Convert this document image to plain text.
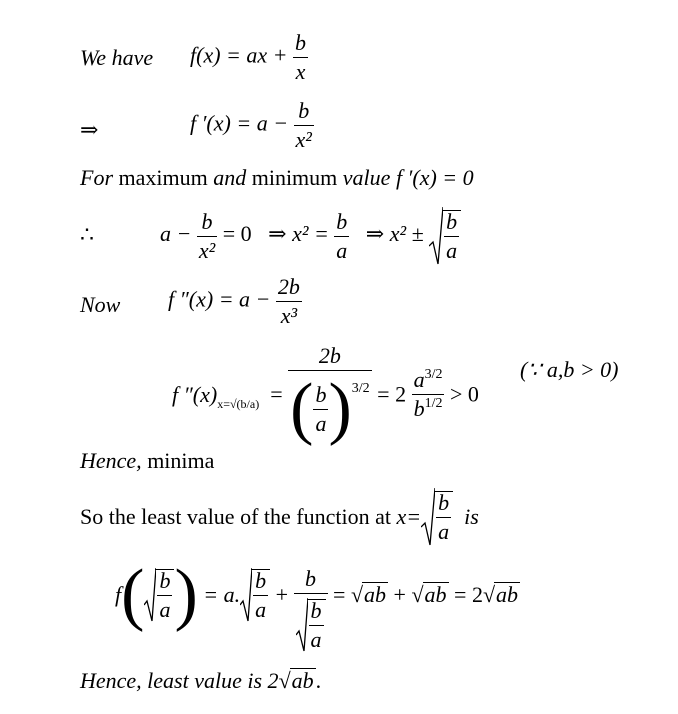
We have f(x) = ax + $\frac{b}{x}$
⇒	f $'(x) = a - \frac{b}{\text{x²}}$
For maximum and minimum value f ′(x) = 0
∴	$a - \frac{b}{\text{x²}} = 0$ ⇒ $x^2 = \frac{b}{a}$ ⇒ $x^2 \pm \frac{b}{a}$
Now f $''(x) = a - \frac{2b}{\text{x³}}$
f $''(x)_{x=√(b/a)} = \frac{2b}{( \frac{b}{a} )^{3/2}} = 2 \frac{a^{3/2}}{b^{1/2}} > 0$
(∵ a,b > 0)
Hence, minima
So the least value of the function at $x= \frac{b}{a}$ is
$f( \frac{b}{a}$ ) = a. $\frac{b}{a} + \frac{b}{\frac{b}{a}} = √ab + √ab = 2√ab$
Hence, least value is 2√ab.
